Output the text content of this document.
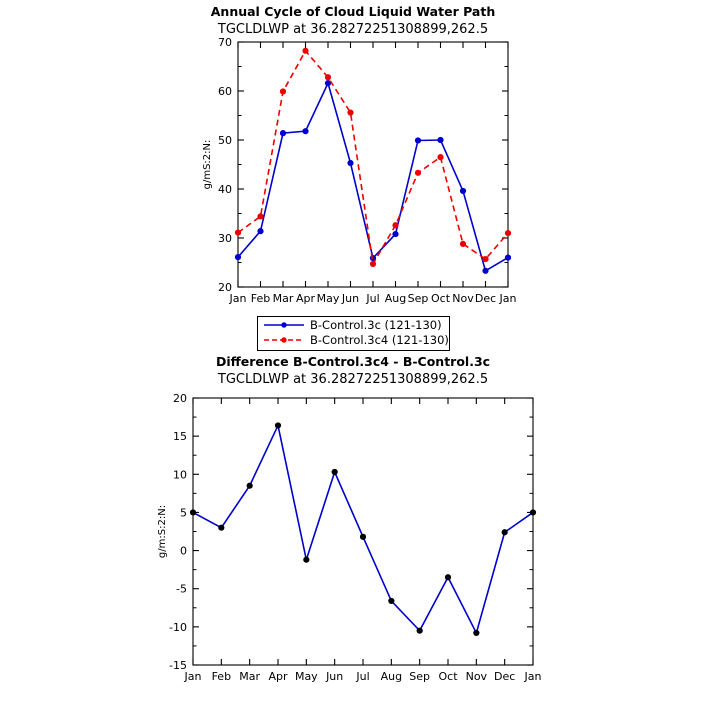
Annual Cycle of Cloud Liquid Water Path
TGCLDLWP at 36.28272251308899,262.5
20
30
40
50
60
70
Jan Feb Mar Apr May Jun Jul Aug Sep Oct Nov Dec Jan
g/mS:2:N:
B-Control.3c (121-130)
B-Control.3c4 (121-130)
Difference B-Control.3c4 - B-Control.3c
TGCLDLWP at 36.28272251308899,262.5
-15
-10
-5
0
5
10
15
20
Jan Feb Mar Apr May Jun Jul Aug Sep Oct Nov Dec Jan
g/m:S:2:N:
